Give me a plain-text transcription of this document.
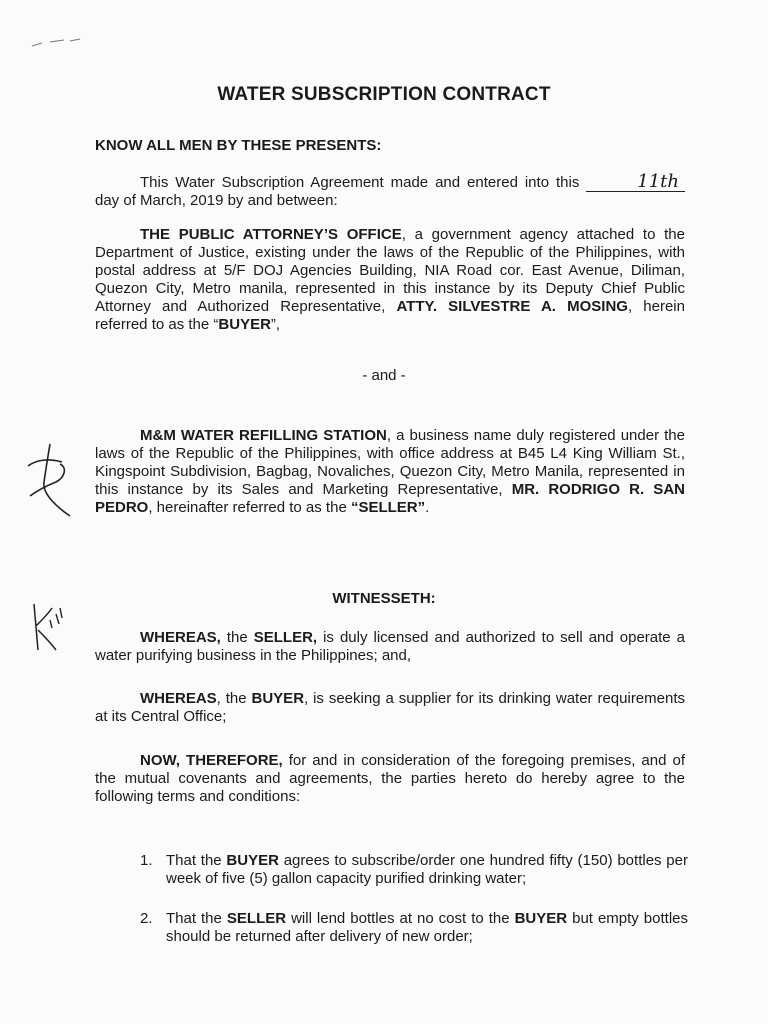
WATER SUBSCRIPTION CONTRACT
KNOW ALL MEN BY THESE PRESENTS:
This Water Subscription Agreement made and entered into this	11th day of March, 2019 by and between:
THE PUBLIC ATTORNEY’S OFFICE, a government agency attached to the Department of Justice, existing under the laws of the Republic of the Philippines, with postal address at 5/F DOJ Agencies Building, NIA Road cor. East Avenue, Diliman, Quezon City, Metro manila, represented in this instance by its Deputy Chief Public Attorney and Authorized Representative, ATTY. SILVESTRE A. MOSING, herein referred to as the “BUYER”,
- and -
M&M WATER REFILLING STATION, a business name duly registered under the laws of the Republic of the Philippines, with office address at B45 L4 King William St., Kingspoint Subdivision, Bagbag, Novaliches, Quezon City, Metro Manila, represented in this instance by its Sales and Marketing Representative, MR. RODRIGO R. SAN PEDRO, hereinafter referred to as the “SELLER”.
WITNESSETH:
WHEREAS, the SELLER, is duly licensed and authorized to sell and operate a water purifying business in the Philippines; and,
WHEREAS, the BUYER, is seeking a supplier for its drinking water requirements at its Central Office;
NOW, THEREFORE, for and in consideration of the foregoing premises, and of the mutual covenants and agreements, the parties hereto do hereby agree to the following terms and conditions:
1. That the BUYER agrees to subscribe/order one hundred fifty (150) bottles per week of five (5) gallon capacity purified drinking water;
2. That the SELLER will lend bottles at no cost to the BUYER but empty bottles should be returned after delivery of new order;
